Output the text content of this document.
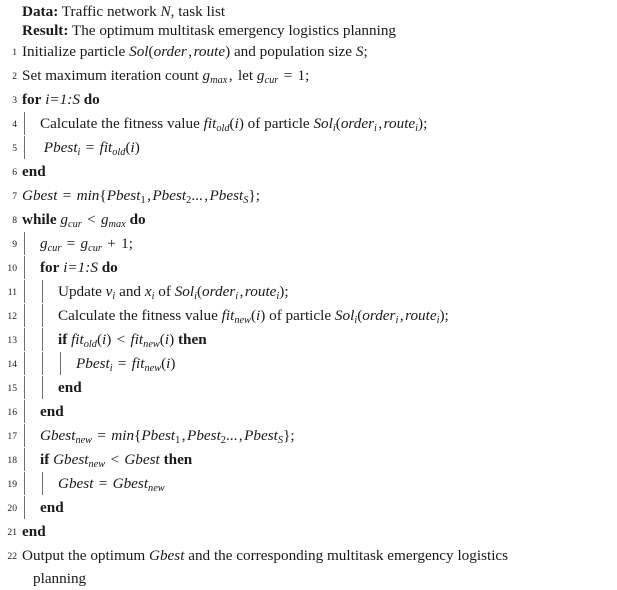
Data: Traffic network N, task list
Result: The optimum multitask emergency logistics planning
1 Initialize particle Sol(order,route) and population size S;
2 Set maximum iteration count $g_{max}$, let $g_{cur} = 1$;
3 for i=1:S do
4 Calculate the fitness value fit$_{old}$(i) of particle Sol$_i$(order$_i$,route$_i$);
5 Pbest$_i$ = fit$_{old}$(i)
6 end
7 Gbest = min{Pbest$_1$,Pbest$_2$...,Pbest$_S$};
8 while $g_{cur} < g_{max}$ do
9 $g_{cur} = g_{cur} + 1$;
10 for i=1:S do
11	Update $v_i$ and $x_i$ of Sol$_i$(order$_i$,route$_i$);
12	Calculate the fitness value fit$_{new}$(i) of particle Sol$_i$(order$_i$,route$_i$);
13	if fit$_{old}$(i) < fit$_{new}$(i) then
14	Pbest$_i$ = fit$_{new}$(i)
15	end
16 end
17 Gbest$_{new}$ = min{Pbest$_1$,Pbest$_2$...,Pbest$_S$};
18 if Gbest$_{new}$ < Gbest then
19	Gbest = Gbest$_{new}$
20 end
21 end
22 Output the optimum Gbest and the corresponding multitask emergency logistics
planning
